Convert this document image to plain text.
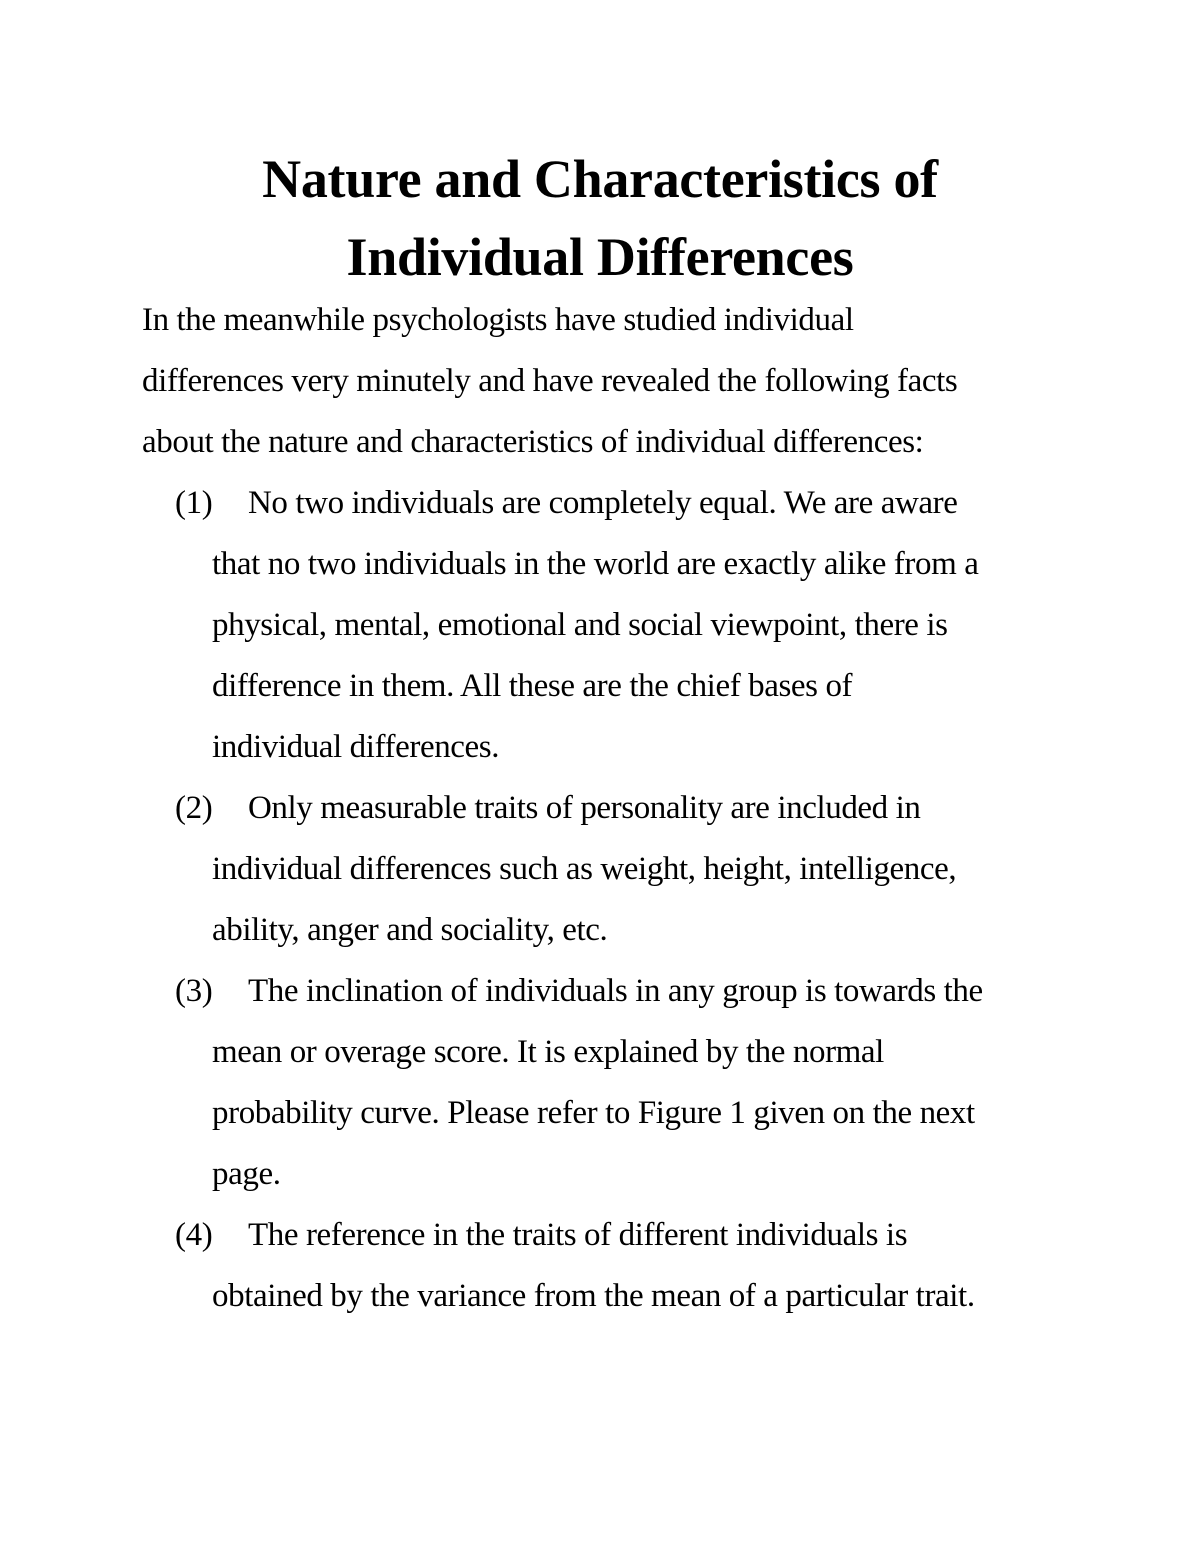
Nature and Characteristics of
Individual Differences

In the meanwhile psychologists have studied individual
differences very minutely and have revealed the following facts
about the nature and characteristics of individual differences:

(1)	No two individuals are completely equal. We are aware
that no two individuals in the world are exactly alike from a
physical, mental, emotional and social viewpoint, there is
difference in them. All these are the chief bases of
individual differences.
(2)	Only measurable traits of personality are included in
individual differences such as weight, height, intelligence,
ability, anger and sociality, etc.
(3)	The inclination of individuals in any group is towards the
mean or overage score. It is explained by the normal
probability curve. Please refer to Figure 1 given on the next
page.
(4)	The reference in the traits of different individuals is
obtained by the variance from the mean of a particular trait.
